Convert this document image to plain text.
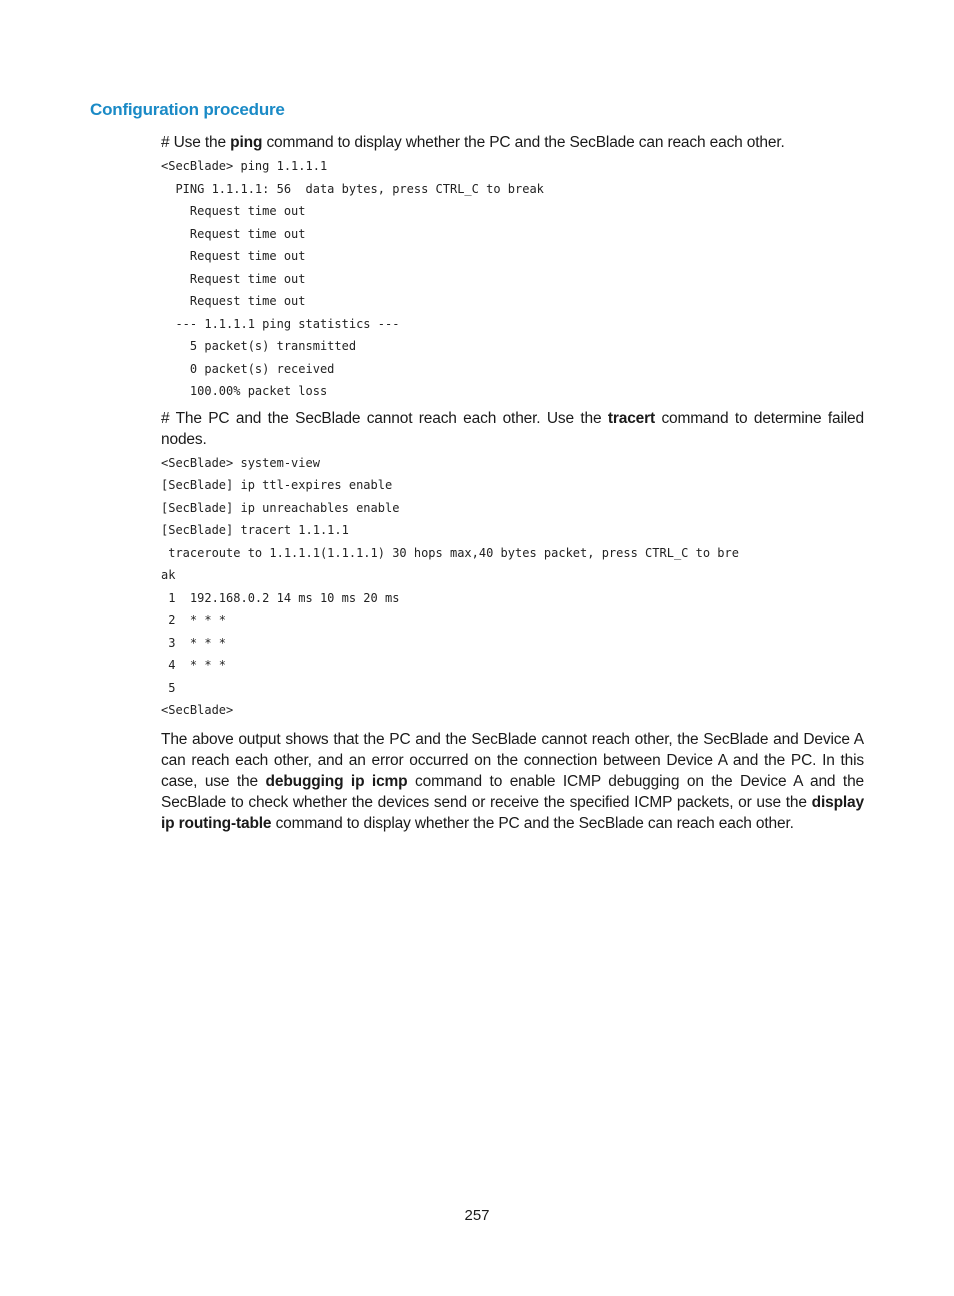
Configuration procedure

# Use the ping command to display whether the PC and the SecBlade can reach each other.

<SecBlade> ping 1.1.1.1
PING 1.1.1.1: 56  data bytes, press CTRL_C to break
Request time out
Request time out
Request time out
Request time out
Request time out
--- 1.1.1.1 ping statistics ---
5 packet(s) transmitted
0 packet(s) received
100.00% packet loss

# The PC and the SecBlade cannot reach each other. Use the tracert command to determine failed nodes.

<SecBlade> system-view
[SecBlade] ip ttl-expires enable
[SecBlade] ip unreachables enable
[SecBlade] tracert 1.1.1.1
traceroute to 1.1.1.1(1.1.1.1) 30 hops max,40 bytes packet, press CTRL_C to bre
ak
1  192.168.0.2 14 ms 10 ms 20 ms
2  * * *
3  * * *
4  * * *
5
<SecBlade>

The above output shows that the PC and the SecBlade cannot reach other, the SecBlade and Device A can reach each other, and an error occurred on the connection between Device A and the PC. In this case, use the debugging ip icmp command to enable ICMP debugging on the Device A and the SecBlade to check whether the devices send or receive the specified ICMP packets, or use the display ip routing-table command to display whether the PC and the SecBlade can reach each other.

257
